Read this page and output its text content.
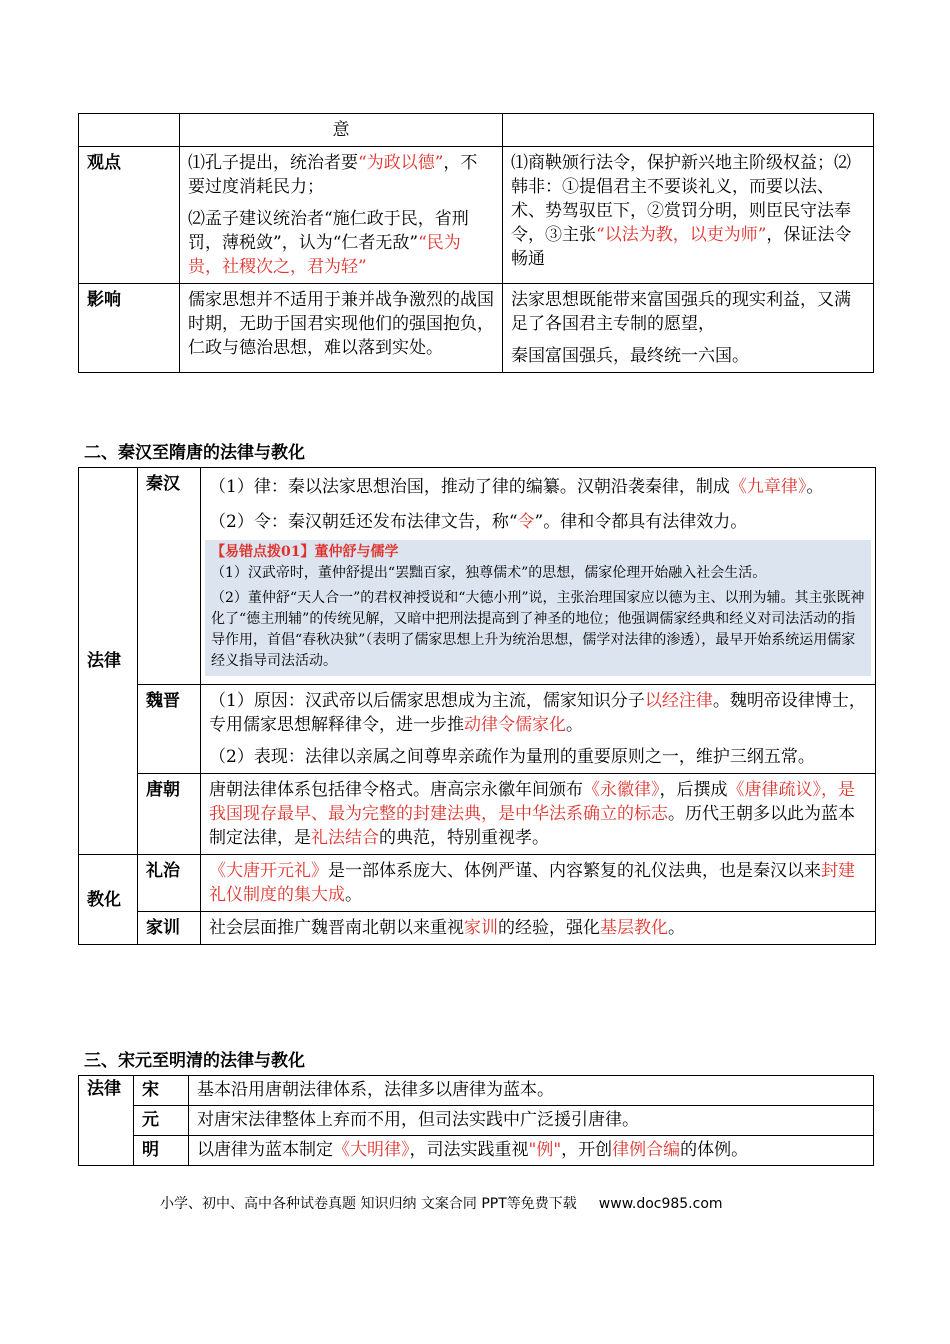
	意	
观点	⑴孔子提出，统治者要“为政以德”，不要过度消耗民力；

⑵孟子建议统治者“施仁政于民，省刑罚，薄税敛”，认为“仁者无敌”“民为贵，社稷次之，君为轻”	⑴商鞅颁行法令，保护新兴地主阶级权益；⑵韩非：①提倡君主不要谈礼义，而要以法、术、势驾驭臣下，②赏罚分明，则臣民守法奉令，③主张“以法为教，以吏为师”，保证法令畅通

影响	儒家思想并不适用于兼并战争激烈的战国时期，无助于国君实现他们的强国抱负，仁政与德治思想，难以落到实处。	法家思想既能带来富国强兵的现实利益，又满足了各国君主专制的愿望，

秦国富国强兵，最终统一六国。

二、秦汉至隋唐的法律与教化
法律	秦汉	（1）律：秦以法家思想治国，推动了律的编纂。汉朝沿袭秦律，制成《九章律》。

（2）令：秦汉朝廷还发布法律文告，称“令”。律和令都具有法律效力。

【易错点拨01】董仲舒与儒学

（1）汉武帝时，董仲舒提出“罢黜百家，独尊儒术”的思想，儒家伦理开始融入社会生活。

（2）董仲舒“天人合一”的君权神授说和“大德小刑”说，主张治理国家应以德为主、以刑为辅。其主张既神化了“德主刑辅”的传统见解，又暗中把刑法提高到了神圣的地位；他强调儒家经典和经义对司法活动的指导作用，首倡“春秋决狱”（表明了儒家思想上升为统治思想，儒学对法律的渗透），最早开始系统运用儒家经义指导司法活动。

	魏晋	（1）原因：汉武帝以后儒家思想成为主流，儒家知识分子以经注律。魏明帝设律博士，专用儒家思想解释律令，进一步推动律令儒家化。

（2）表现：法律以亲属之间尊卑亲疏作为量刑的重要原则之一，维护三纲五常。

	唐朝	唐朝法律体系包括律令格式。唐高宗永徽年间颁布《永徽律》，后撰成《唐律疏议》，是我国现存最早、最为完整的封建法典，是中华法系确立的标志。历代王朝多以此为蓝本制定法律，是礼法结合的典范，特别重视孝。

教化	礼治	《大唐开元礼》是一部体系庞大、体例严谨、内容繁复的礼仪法典，也是秦汉以来封建礼仪制度的集大成。

	家训	社会层面推广魏晋南北朝以来重视家训的经验，强化基层教化。

三、宋元至明清的法律与教化
法律	宋	基本沿用唐朝法律体系，法律多以唐律为蓝本。
	元	对唐宋法律整体上弃而不用，但司法实践中广泛援引唐律。
	明	以唐律为蓝本制定《大明律》，司法实践重视"例"，开创律例合编的体例。
小学、初中、高中各种试卷真题 知识归纳 文案合同 PPT等免费下载 www.doc985.com
